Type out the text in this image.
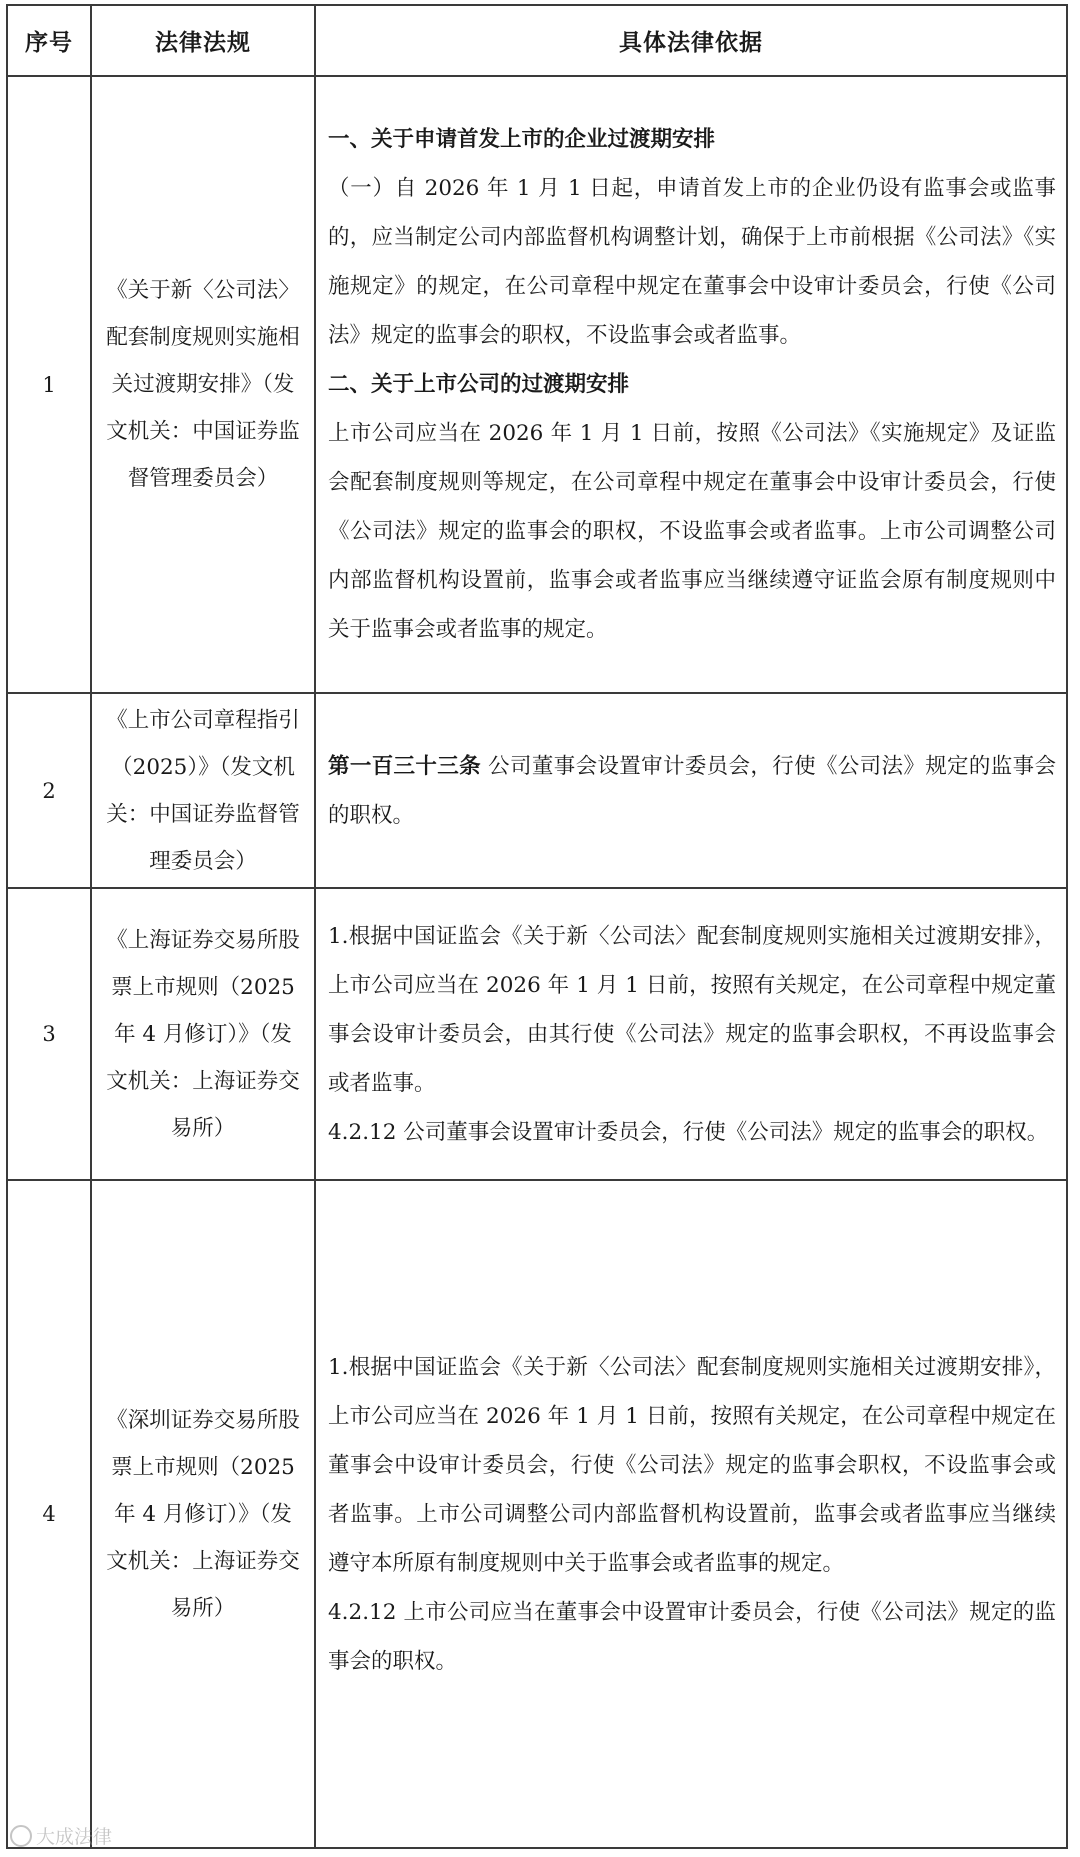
序号	法律法规	具体法律依据
1	《关于新〈公司法〉配套制度规则实施相关过渡期安排》（发文机关：中国证券监督管理委员会）	一、关于申请首发上市的企业过渡期安排

（一）自 2026 年 1 月 1 日起，申请首发上市的企业仍设有监事会或监事的，应当制定公司内部监督机构调整计划，确保于上市前根据《公司法》《实施规定》的规定，在公司章程中规定在董事会中设审计委员会，行使《公司法》规定的监事会的职权，不设监事会或者监事。

二、关于上市公司的过渡期安排

上市公司应当在 2026 年 1 月 1 日前，按照《公司法》《实施规定》及证监会配套制度规则等规定，在公司章程中规定在董事会中设审计委员会，行使《公司法》规定的监事会的职权，不设监事会或者监事。上市公司调整公司内部监督机构设置前，监事会或者监事应当继续遵守证监会原有制度规则中关于监事会或者监事的规定。

2	《上市公司章程指引（2025）》（发文机关：中国证券监督管理委员会）	第一百三十三条 公司董事会设置审计委员会，行使《公司法》规定的监事会的职权。

3	《上海证券交易所股票上市规则（2025 年 4 月修订）》（发文机关：上海证券交易所）	1.根据中国证监会《关于新〈公司法〉配套制度规则实施相关过渡期安排》，上市公司应当在 2026 年 1 月 1 日前，按照有关规定，在公司章程中规定董事会设审计委员会，由其行使《公司法》规定的监事会职权，不再设监事会或者监事。

4.2.12 公司董事会设置审计委员会，行使《公司法》规定的监事会的职权。

4	《深圳证券交易所股票上市规则（2025 年 4 月修订）》（发文机关：上海证券交易所）	1.根据中国证监会《关于新〈公司法〉配套制度规则实施相关过渡期安排》，上市公司应当在 2026 年 1 月 1 日前，按照有关规定，在公司章程中规定在董事会中设审计委员会，行使《公司法》规定的监事会职权，不设监事会或者监事。上市公司调整公司内部监督机构设置前，监事会或者监事应当继续遵守本所原有制度规则中关于监事会或者监事的规定。

4.2.12 上市公司应当在董事会中设置审计委员会，行使《公司法》规定的监事会的职权。

大成法律
